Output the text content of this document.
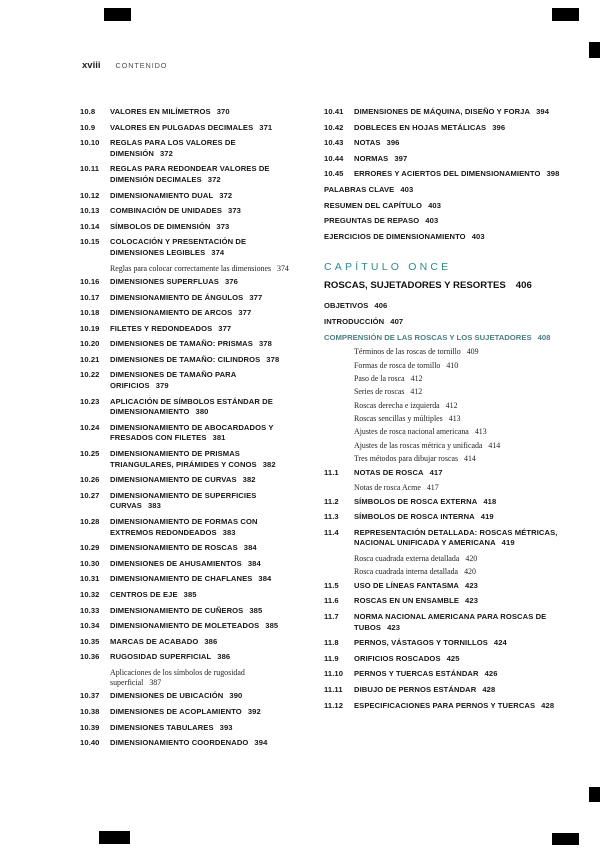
xviii CONTENIDO
10.8	VALORES EN MILÍMETROS 370
10.9	VALORES EN PULGADAS DECIMALES 371
10.10	REGLAS PARA LOS VALORES DE DIMENSIÓN 372
10.11	REGLAS PARA REDONDEAR VALORES DE DIMENSIÓN DECIMALES 372
10.12	DIMENSIONAMIENTO DUAL 372
10.13	COMBINACIÓN DE UNIDADES 373
10.14	SÍMBOLOS DE DIMENSIÓN 373
10.15	COLOCACIÓN Y PRESENTACIÓN DE DIMENSIONES LEGIBLES 374
Reglas para colocar correctamente las dimensiones 374
10.16	DIMENSIONES SUPERFLUAS 376
10.17	DIMENSIONAMIENTO DE ÁNGULOS 377
10.18	DIMENSIONAMIENTO DE ARCOS 377
10.19	FILETES Y REDONDEADOS 377
10.20	DIMENSIONES DE TAMAÑO: PRISMAS 378
10.21	DIMENSIONES DE TAMAÑO: CILINDROS 378
10.22	DIMENSIONES DE TAMAÑO PARA ORIFICIOS 379
10.23	APLICACIÓN DE SÍMBOLOS ESTÁNDAR DE DIMENSIONAMIENTO 380
10.24	DIMENSIONAMIENTO DE ABOCARDADOS Y FRESADOS CON FILETES 381
10.25	DIMENSIONAMIENTO DE PRISMAS TRIANGULARES, PIRÁMIDES Y CONOS 382
10.26	DIMENSIONAMIENTO DE CURVAS 382
10.27	DIMENSIONAMIENTO DE SUPERFICIES CURVAS 383
10.28	DIMENSIONAMIENTO DE FORMAS CON EXTREMOS REDONDEADOS 383
10.29	DIMENSIONAMIENTO DE ROSCAS 384
10.30	DIMENSIONES DE AHUSAMIENTOS 384
10.31	DIMENSIONAMIENTO DE CHAFLANES 384
10.32	CENTROS DE EJE 385
10.33	DIMENSIONAMIENTO DE CUÑEROS 385
10.34	DIMENSIONAMIENTO DE MOLETEADOS 385
10.35	MARCAS DE ACABADO 386
10.36	RUGOSIDAD SUPERFICIAL 386
Aplicaciones de los símbolos de rugosidad superficial 387
10.37	DIMENSIONES DE UBICACIÓN 390
10.38	DIMENSIONES DE ACOPLAMIENTO 392
10.39	DIMENSIONES TABULARES 393
10.40	DIMENSIONAMIENTO COORDENADO 394
10.41	DIMENSIONES DE MÁQUINA, DISEÑO Y FORJA 394
10.42	DOBLECES EN HOJAS METÁLICAS 396
10.43	NOTAS 396
10.44	NORMAS 397
10.45	ERRORES Y ACIERTOS DEL DIMENSIONAMIENTO 398
PALABRAS CLAVE 403
RESUMEN DEL CAPÍTULO 403
PREGUNTAS DE REPASO 403
EJERCICIOS DE DIMENSIONAMIENTO 403
CAPÍTULO ONCE
ROSCAS, SUJETADORES Y RESORTES 406
OBJETIVOS 406
INTRODUCCIÓN 407
COMPRENSIÓN DE LAS ROSCAS Y LOS SUJETADORES 408
Términos de las roscas de tornillo 409
Formas de rosca de tornillo 410
Paso de la rosca 412
Series de roscas 412
Roscas derecha e izquierda 412
Roscas sencillas y múltiples 413
Ajustes de rosca nacional americana 413
Ajustes de las roscas métrica y unificada 414
Tres métodos para dibujar roscas 414
11.1	NOTAS DE ROSCA 417
Notas de rosca Acme 417
11.2	SÍMBOLOS DE ROSCA EXTERNA 418
11.3	SÍMBOLOS DE ROSCA INTERNA 419
11.4	REPRESENTACIÓN DETALLADA: ROSCAS MÉTRICAS, NACIONAL UNIFICADA Y AMERICANA 419
Rosca cuadrada externa detallada 420
Rosca cuadrada interna detallada 420
11.5	USO DE LÍNEAS FANTASMA 423
11.6	ROSCAS EN UN ENSAMBLE 423
11.7	NORMA NACIONAL AMERICANA PARA ROSCAS DE TUBOS 423
11.8	PERNOS, VÁSTAGOS Y TORNILLOS 424
11.9	ORIFICIOS ROSCADOS 425
11.10	PERNOS Y TUERCAS ESTÁNDAR 426
11.11	DIBUJO DE PERNOS ESTÁNDAR 428
11.12	ESPECIFICACIONES PARA PERNOS Y TUERCAS 428
